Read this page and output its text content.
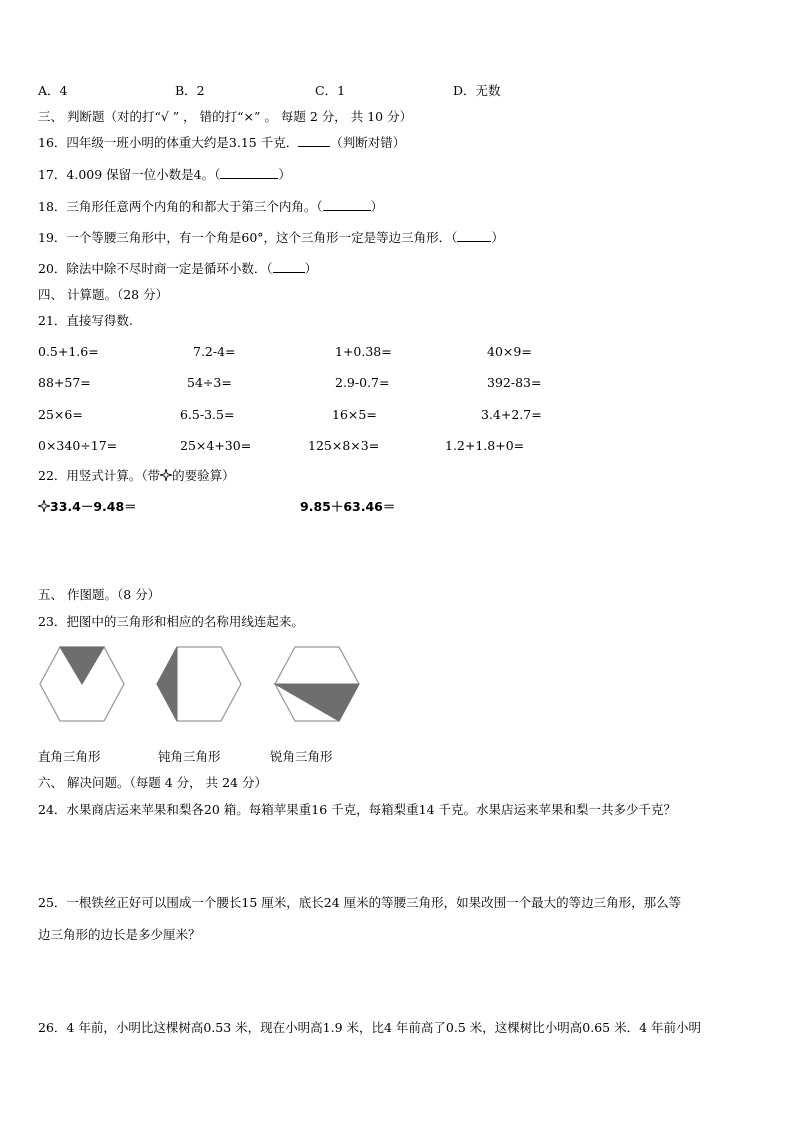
A．4	B．2	C．1	D．无数
三、 判断题（对的打“√ ” ， 错的打“×” 。 每题 2 分， 共 10 分）
16．四年级一班小明的体重大约是3.15 千克．	（判断对错）
17．4.009 保留一位小数是4。（	）
18．三角形任意两个内角的和都大于第三个内角。（	）
19．一个等腰三角形中，有一个角是60°，这个三角形一定是等边三角形．（	）
20．除法中除不尽时商一定是循环小数．（	）
四、 计算题。（28 分）
21．直接写得数.
0.5+1.6=	7.2-4=	1+0.38=	40×9=
88+57=	54÷3=	2.9-0.7=	392-83=
25×6=	6.5-3.5=	16×5=	3.4+2.7=
0×340÷17=	25×4+30=	125×8×3=	1.2+1.8+0=
22．用竖式计算。（带 的要验算）
33.4－9.48＝	9.85＋63.46＝
五、 作图题。（8 分）
23．把图中的三角形和相应的名称用线连起来。
直角三角形	钝角三角形	锐角三角形
六、 解决问题。（每题 4 分， 共 24 分）
24．水果商店运来苹果和梨各20 箱。每箱苹果重16 千克，每箱梨重14 千克。水果店运来苹果和梨一共多少千克？
25．一根铁丝正好可以围成一个腰长15 厘米，底长24 厘米的等腰三角形，如果改围一个最大的等边三角形，那么等
边三角形的边长是多少厘米？
26．4 年前，小明比这棵树高0.53 米，现在小明高1.9 米，比4 年前高了0.5 米，这棵树比小明高0.65 米．4 年前小明
